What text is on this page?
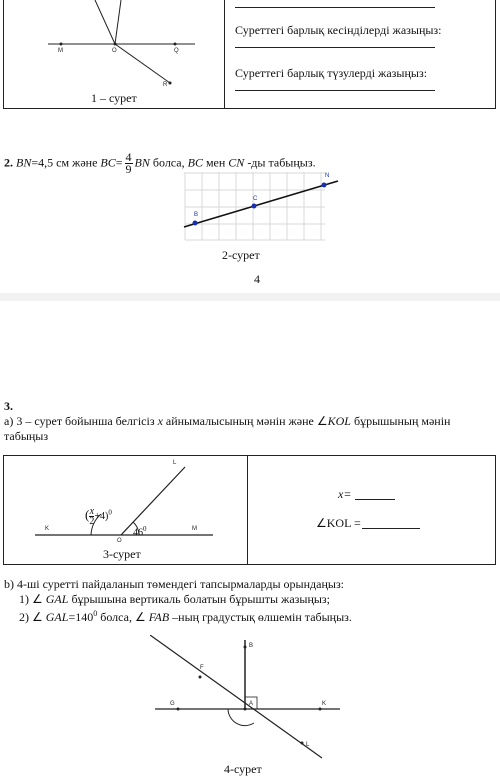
M	O	Q
R
1 – сурет
Суреттегі барлық кесінділерді жазыңыз:
Суреттегі барлық түзулерді жазыңыз:
2. BN=4,5 см және $BC= \frac{4}{9}$ BN болса, BC мен CN -ды табыңыз.
B
C
N
2-сурет
4
3.
а) 3 – сурет бойынша белгісіз x айнымалысының мәнін және ∠KOL бұрышының мәнін
табыңыз
K
O
M
L
( $\frac{x}{2} +4)^0$
$46^0$
3-сурет
x=
∠KOL =
b) 4-ші суретті пайдаланып төмендегі тапсырмаларды орындаңыз:
1) ∠ GAL бұрышына вертикаль болатын бұрышты жазыңыз;
2) ∠ $GAL=140^0$ болса, ∠ FAB –ның градустық өлшемін табыңыз.
B
F
G	A	K
L
4-сурет
